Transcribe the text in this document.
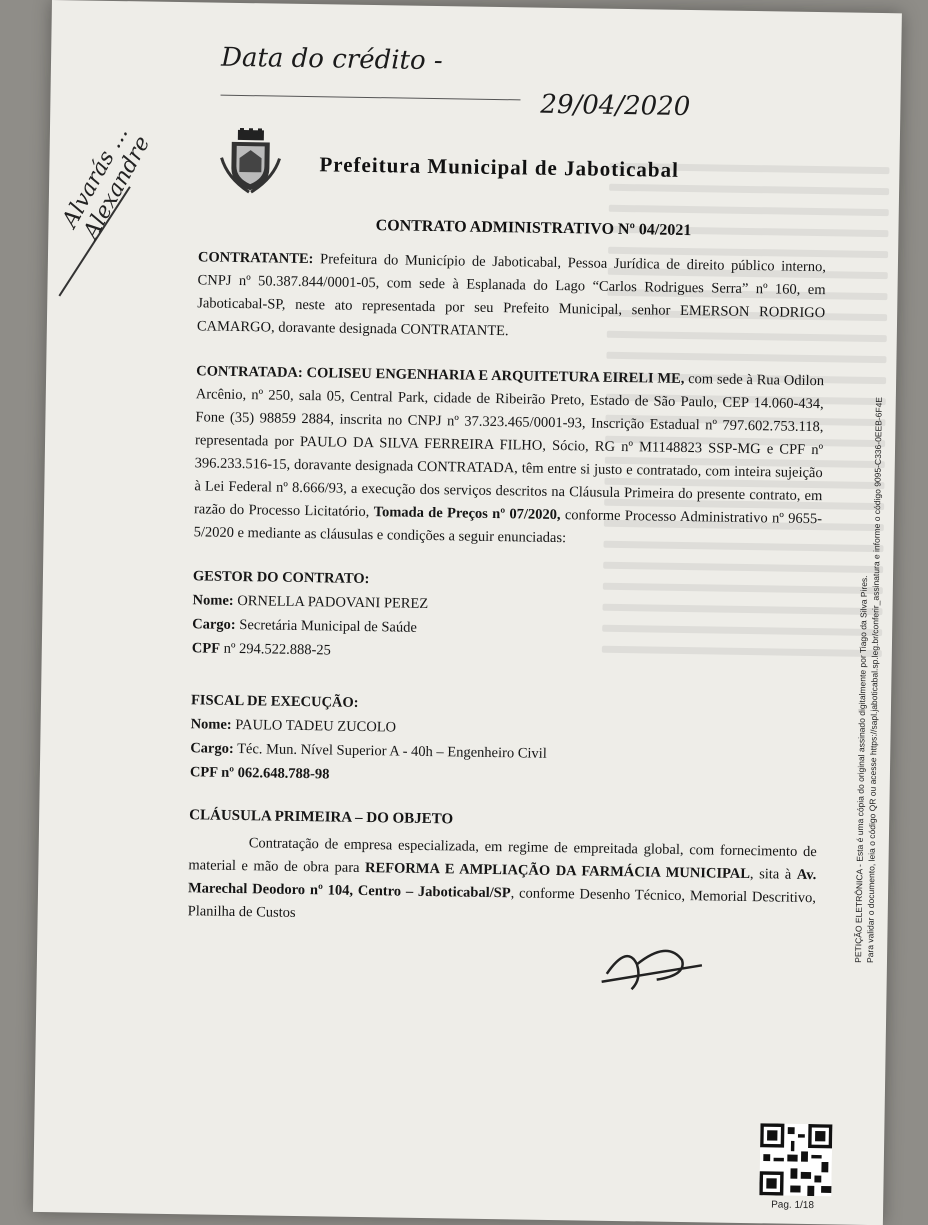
Data do crédito -
29/04/2020
Alvarás ... Alexandre	Prefeitura Municipal de Jaboticabal
CONTRATO ADMINISTRATIVO Nº 04/2021

CONTRATANTE: Prefeitura do Município de Jaboticabal, Pessoa Jurídica de direito público interno, CNPJ nº 50.387.844/0001-05, com sede à Esplanada do Lago “Carlos Rodrigues Serra” nº 160, em Jaboticabal-SP, neste ato representada por seu Prefeito Municipal, senhor EMERSON RODRIGO CAMARGO, doravante designada CONTRATANTE.

CONTRATADA: COLISEU ENGENHARIA E ARQUITETURA EIRELI ME, com sede à Rua Odilon Arcênio, nº 250, sala 05, Central Park, cidade de Ribeirão Preto, Estado de São Paulo, CEP 14.060-434, Fone (35) 98859 2884, inscrita no CNPJ nº 37.323.465/0001-93, Inscrição Estadual nº 797.602.753.118, representada por PAULO DA SILVA FERREIRA FILHO, Sócio, RG nº M1148823 SSP-MG e CPF nº 396.233.516-15, doravante designada CONTRATADA, têm entre si justo e contratado, com inteira sujeição à Lei Federal nº 8.666/93, a execução dos serviços descritos na Cláusula Primeira do presente contrato, em razão do Processo Licitatório, Tomada de Preços nº 07/2020, conforme Processo Administrativo nº 9655-5/2020 e mediante as cláusulas e condições a seguir enunciadas:

GESTOR DO CONTRATO:
Nome: ORNELLA PADOVANI PEREZ
Cargo: Secretária Municipal de Saúde
CPF nº 294.522.888-25
FISCAL DE EXECUÇÃO:
Nome: PAULO TADEU ZUCOLO
Cargo: Téc. Mun. Nível Superior A - 40h – Engenheiro Civil
CPF nº 062.648.788-98
CLÁUSULA PRIMEIRA – DO OBJETO

Contratação de empresa especializada, em regime de empreitada global, com fornecimento de material e mão de obra para REFORMA E AMPLIAÇÃO DA FARMÁCIA MUNICIPAL, sita à Av. Marechal Deodoro nº 104, Centro – Jaboticabal/SP, conforme Desenho Técnico, Memorial Descritivo, Planilha de Custos	PETIÇÃO ELETRÔNICA - Esta é uma cópia do original assinado digitalmente por Tiago da Silva Pires.
Para validar o documento, leia o código QR ou acesse https://sapl.jaboticabal.sp.leg.br/conferir_assinatura e informe o código 9095-C336-0EEB-6F4E
Pag. 1/18
